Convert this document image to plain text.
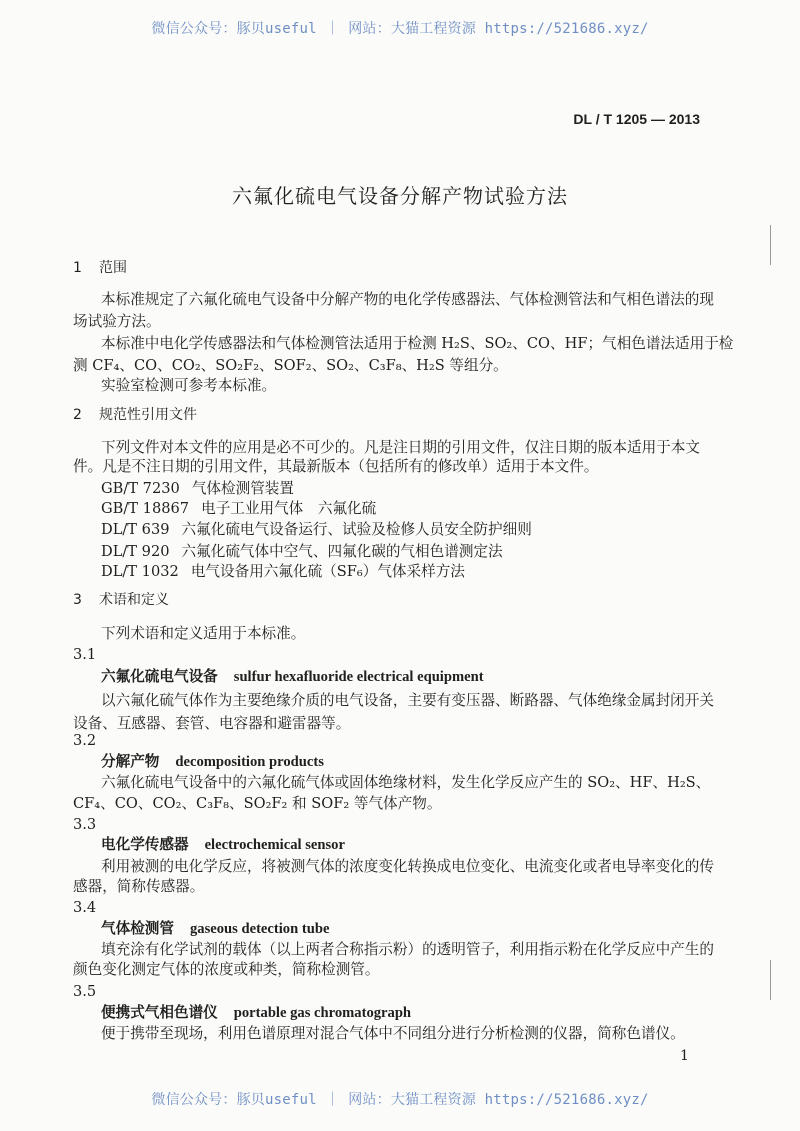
微信公众号：豚贝useful ｜ 网站：大猫工程资源 https://521686.xyz/
DL / T 1205 — 2013
六氟化硫电气设备分解产物试验方法
1 范围
本标准规定了六氟化硫电气设备中分解产物的电化学传感器法、气体检测管法和气相色谱法的现
场试验方法。
本标准中电化学传感器法和气体检测管法适用于检测 H₂S、SO₂、CO、HF；气相色谱法适用于检
测 CF₄、CO、CO₂、SO₂F₂、SOF₂、SO₂、C₃F₈、H₂S 等组分。
实验室检测可参考本标准。
2 规范性引用文件
下列文件对本文件的应用是必不可少的。凡是注日期的引用文件，仅注日期的版本适用于本文
件。凡是不注日期的引用文件，其最新版本（包括所有的修改单）适用于本文件。
GB/T 7230 气体检测管装置
GB/T 18867 电子工业用气体　六氟化硫
DL/T 639 六氟化硫电气设备运行、试验及检修人员安全防护细则
DL/T 920 六氟化硫气体中空气、四氟化碳的气相色谱测定法
DL/T 1032 电气设备用六氟化硫（SF₆）气体采样方法
3 术语和定义
下列术语和定义适用于本标准。
3.1
六氟化硫电气设备 sulfur hexafluoride electrical equipment
以六氟化硫气体作为主要绝缘介质的电气设备，主要有变压器、断路器、气体绝缘金属封闭开关
设备、互感器、套管、电容器和避雷器等。
3.2
分解产物 decomposition products
六氟化硫电气设备中的六氟化硫气体或固体绝缘材料，发生化学反应产生的 SO₂、HF、H₂S、
CF₄、CO、CO₂、C₃F₈、SO₂F₂ 和 SOF₂ 等气体产物。
3.3
电化学传感器 electrochemical sensor
利用被测的电化学反应，将被测气体的浓度变化转换成电位变化、电流变化或者电导率变化的传
感器，简称传感器。
3.4
气体检测管 gaseous detection tube
填充涂有化学试剂的载体（以上两者合称指示粉）的透明管子，利用指示粉在化学反应中产生的
颜色变化测定气体的浓度或种类，简称检测管。
3.5
便携式气相色谱仪 portable gas chromatograph
便于携带至现场，利用色谱原理对混合气体中不同组分进行分析检测的仪器，简称色谱仪。
1
微信公众号：豚贝useful ｜ 网站：大猫工程资源 https://521686.xyz/
